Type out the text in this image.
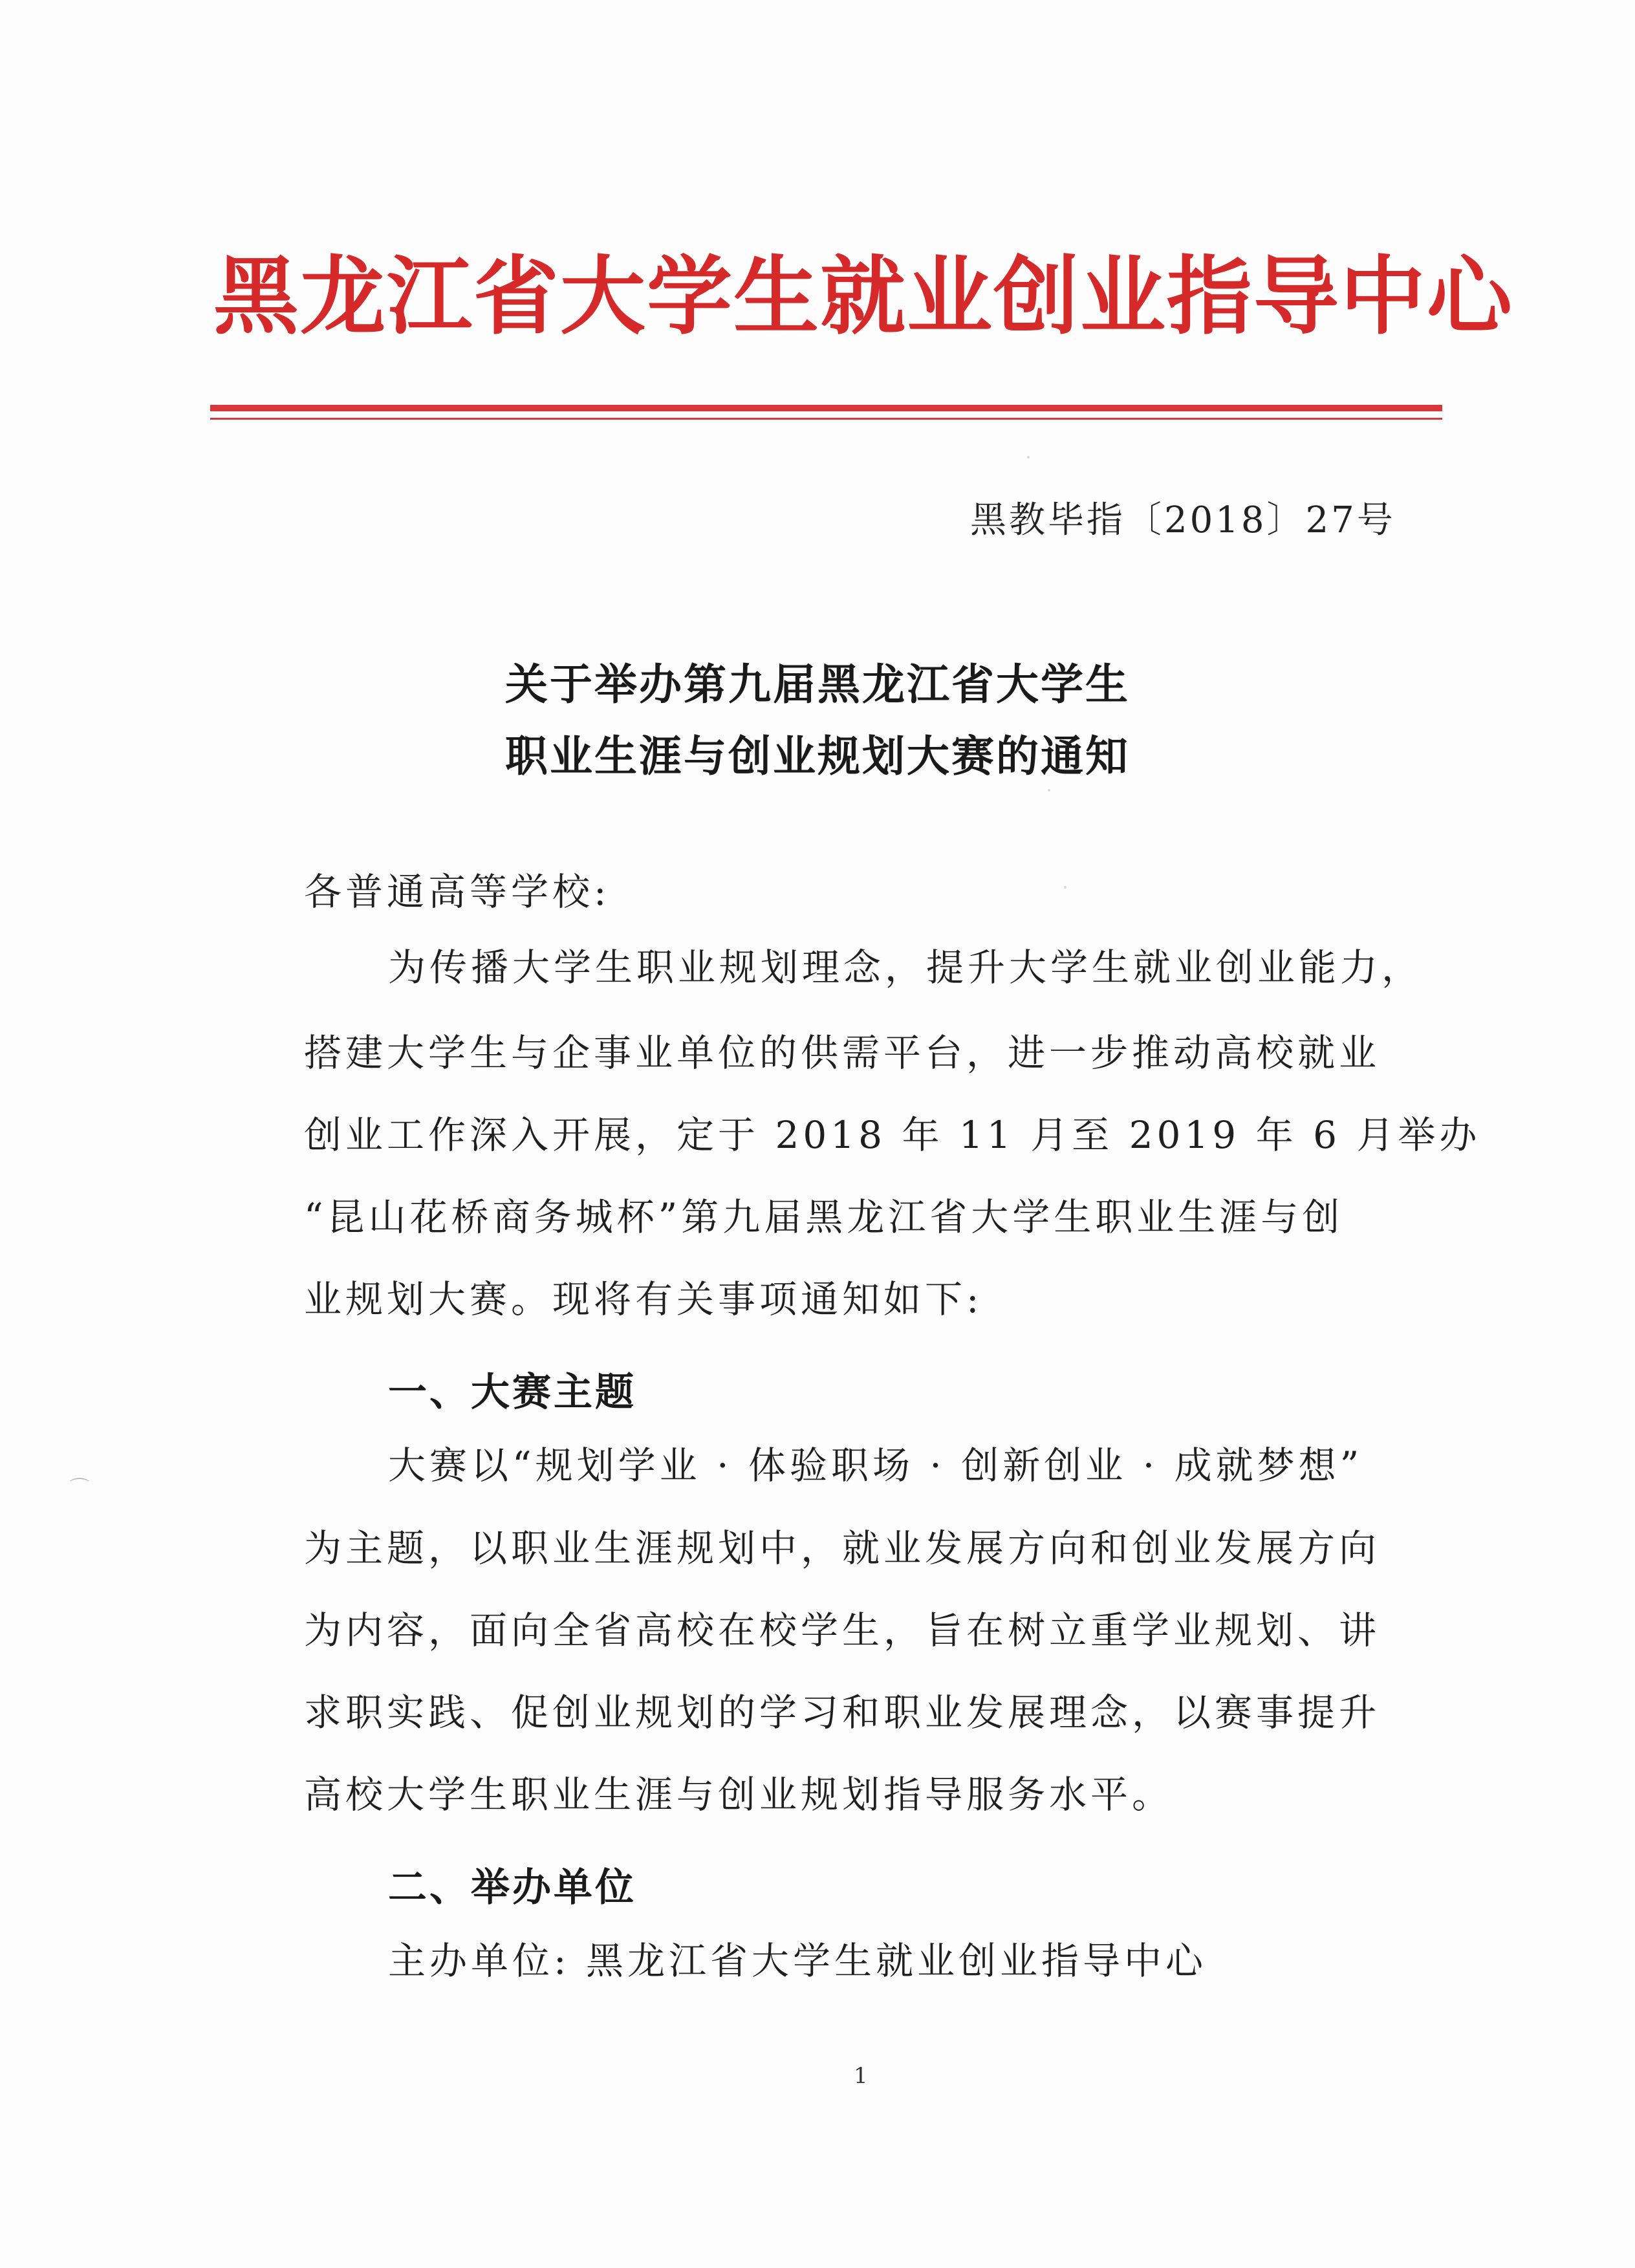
黑龙江省大学生就业创业指导中心
黑教毕指〔2018〕27号
关于举办第九届黑龙江省大学生
职业生涯与创业规划大赛的通知
各普通高等学校:
为传播大学生职业规划理念，提升大学生就业创业能力，
搭建大学生与企事业单位的供需平台，进一步推动高校就业
创业工作深入开展，定于 2018 年 11 月至 2019 年 6 月举办
“昆山花桥商务城杯”第九届黑龙江省大学生职业生涯与创
业规划大赛。现将有关事项通知如下:
一、大赛主题
大赛以“规划学业 · 体验职场 · 创新创业 · 成就梦想”
为主题，以职业生涯规划中，就业发展方向和创业发展方向
为内容，面向全省高校在校学生，旨在树立重学业规划、讲
求职实践、促创业规划的学习和职业发展理念，以赛事提升
高校大学生职业生涯与创业规划指导服务水平。
二、举办单位
主办单位: 黑龙江省大学生就业创业指导中心
1
⌒
